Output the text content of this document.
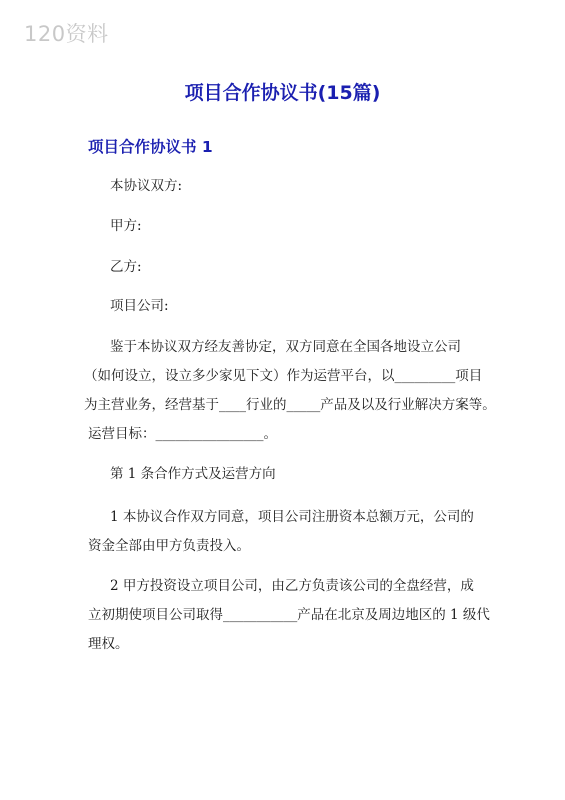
120资料
项目合作协议书(15篇)
项目合作协议书 1
本协议双方:
甲方:
乙方:
项目公司:
鉴于本协议双方经友善协定，双方同意在全国各地设立公司
（如何设立，设立多少家见下文）作为运营平台，以_________项目
为主营业务，经营基于____行业的_____产品及以及行业解决方案等。
运营目标：________________。
第 1 条合作方式及运营方向
1 本协议合作双方同意，项目公司注册资本总额万元，公司的
资金全部由甲方负责投入。
2 甲方投资设立项目公司，由乙方负责该公司的全盘经营，成
立初期使项目公司取得___________产品在北京及周边地区的 1 级代
理权。
